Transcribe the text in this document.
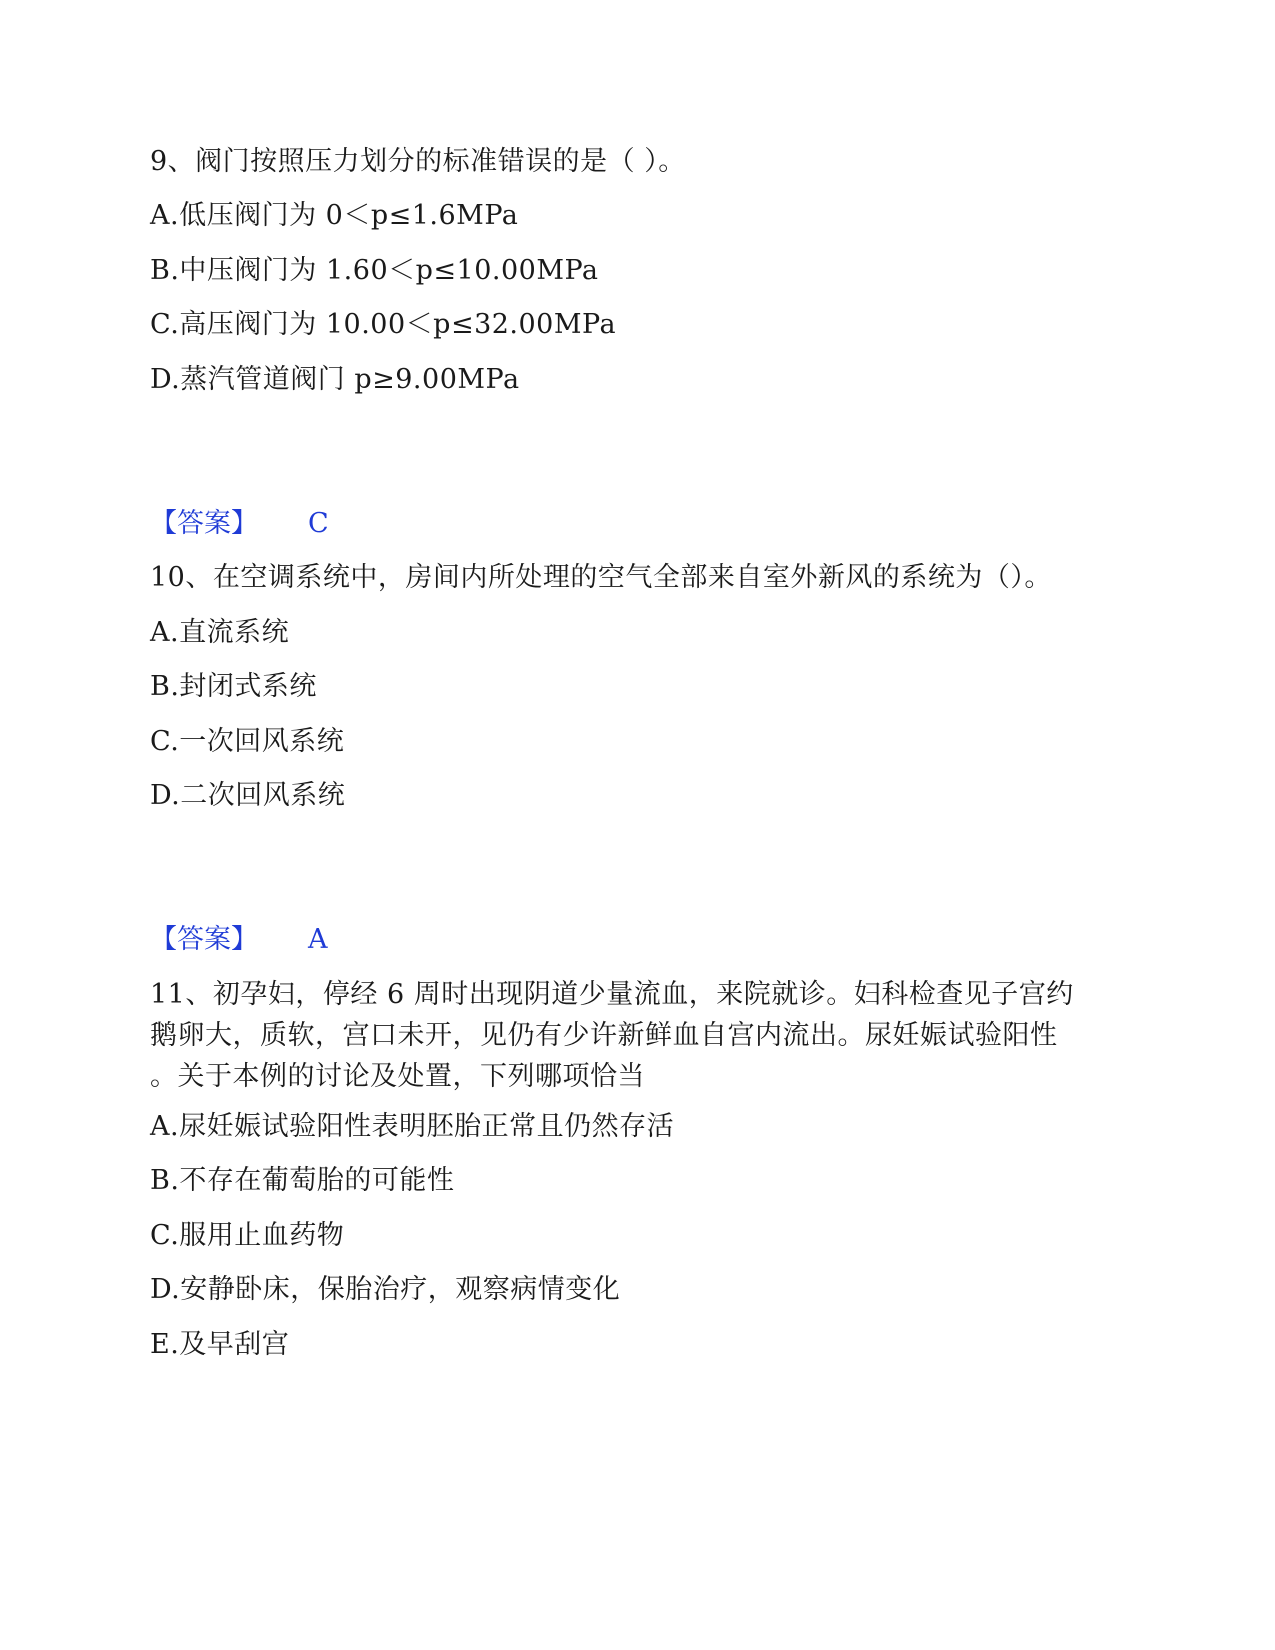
9、阀门按照压力划分的标准错误的是（ ）。
A.低压阀门为 0＜p≤1.6MPa
B.中压阀门为 1.60＜p≤10.00MPa
C.高压阀门为 10.00＜p≤32.00MPa
D.蒸汽管道阀门 p≥9.00MPa
【答案】 C
10、在空调系统中，房间内所处理的空气全部来自室外新风的系统为（）。
A.直流系统
B.封闭式系统
C.一次回风系统
D.二次回风系统
【答案】 A
11、初孕妇，停经 6 周时出现阴道少量流血，来院就诊。妇科检查见子宫约
鹅卵大，质软，宫口未开，见仍有少许新鲜血自宫内流出。尿妊娠试验阳性
。关于本例的讨论及处置，下列哪项恰当
A.尿妊娠试验阳性表明胚胎正常且仍然存活
B.不存在葡萄胎的可能性
C.服用止血药物
D.安静卧床，保胎治疗，观察病情变化
E.及早刮宫
